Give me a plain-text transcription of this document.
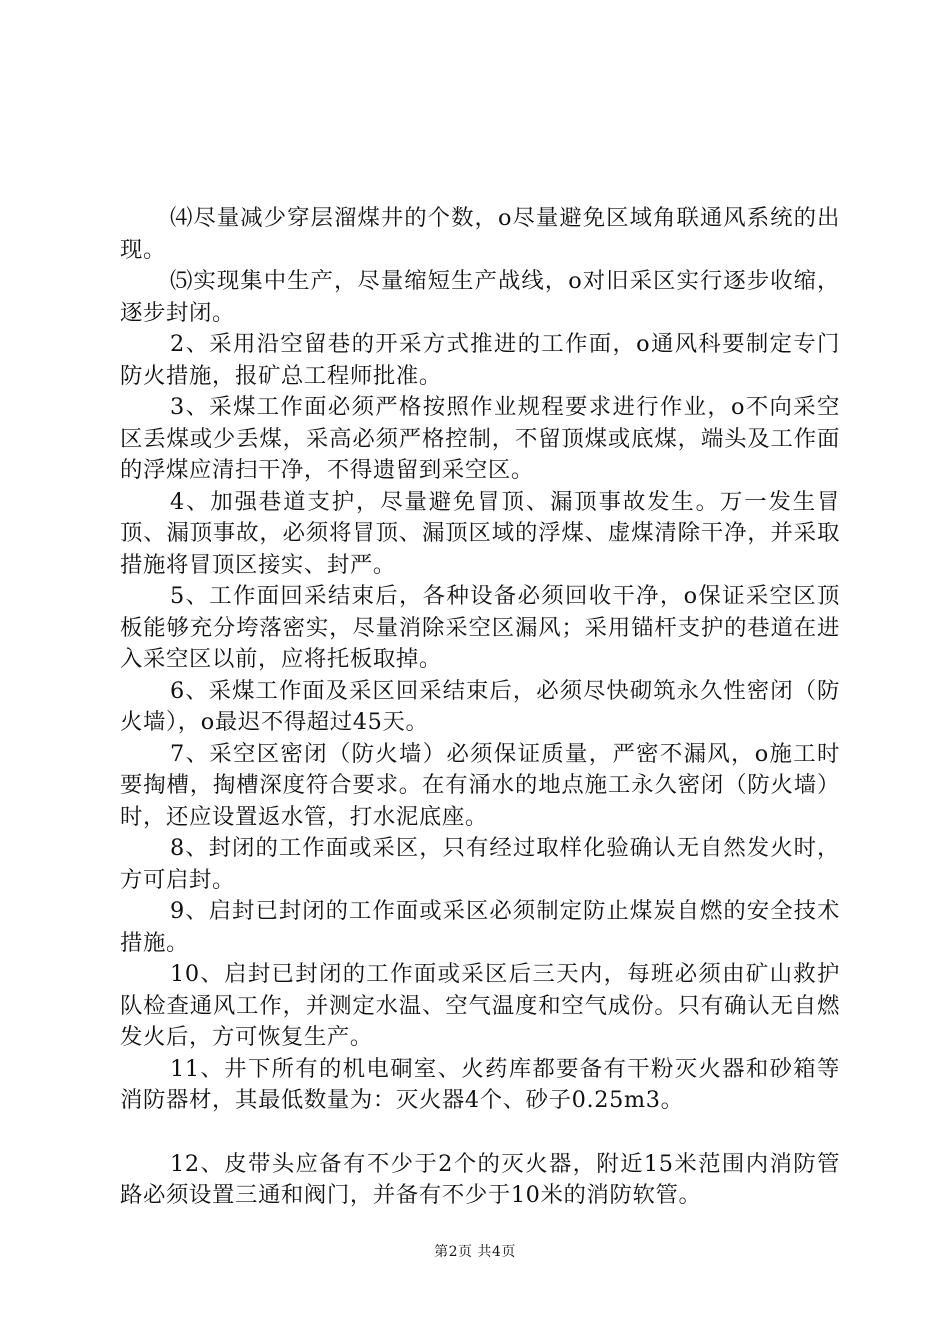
⑷尽量减少穿层溜煤井的个数，o尽量避免区域角联通风系统的出现。

⑸实现集中生产，尽量缩短生产战线，o对旧采区实行逐步收缩，逐步封闭。

2、采用沿空留巷的开采方式推进的工作面，o通风科要制定专门防火措施，报矿总工程师批准。

3、采煤工作面必须严格按照作业规程要求进行作业，o不向采空区丢煤或少丢煤，采高必须严格控制，不留顶煤或底煤，端头及工作面的浮煤应清扫干净，不得遗留到采空区。

4、加强巷道支护，尽量避免冒顶、漏顶事故发生。万一发生冒顶、漏顶事故，必须将冒顶、漏顶区域的浮煤、虚煤清除干净，并采取措施将冒顶区接实、封严。

5、工作面回采结束后，各种设备必须回收干净，o保证采空区顶板能够充分垮落密实，尽量消除采空区漏风；采用锚杆支护的巷道在进入采空区以前，应将托板取掉。

6、采煤工作面及采区回采结束后，必须尽快砌筑永久性密闭（防火墙），o最迟不得超过45天。

7、采空区密闭（防火墙）必须保证质量，严密不漏风，o施工时要掏槽，掏槽深度符合要求。在有涌水的地点施工永久密闭（防火墙）时，还应设置返水管，打水泥底座。

8、封闭的工作面或采区，只有经过取样化验确认无自然发火时，方可启封。

9、启封已封闭的工作面或采区必须制定防止煤炭自燃的安全技术措施。

10、启封已封闭的工作面或采区后三天内，每班必须由矿山救护队检查通风工作，并测定水温、空气温度和空气成份。只有确认无自燃发火后，方可恢复生产。

11、井下所有的机电硐室、火药库都要备有干粉灭火器和砂箱等消防器材，其最低数量为：灭火器4个、砂子0.25m3。

12、皮带头应备有不少于2个的灭火器，附近15米范围内消防管路必须设置三通和阀门，并备有不少于10米的消防软管。

第2页 共4页
